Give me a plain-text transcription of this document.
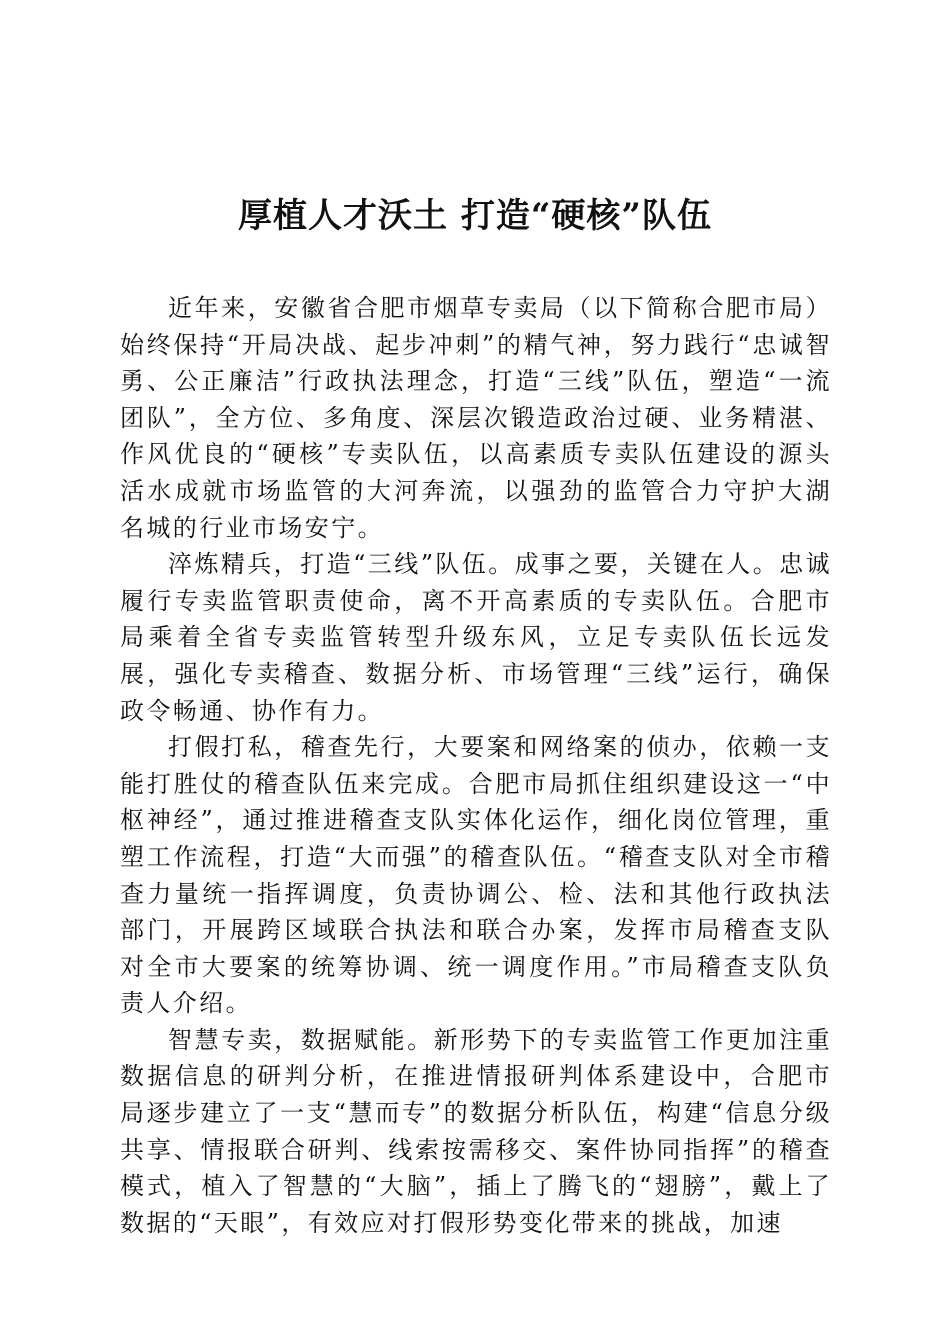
厚植人才沃土 打造“硬核”队伍

近年来，安徽省合肥市烟草专卖局（以下简称合肥市局）始终保持“开局决战、起步冲刺”的精气神，努力践行“忠诚智勇、公正廉洁”行政执法理念，打造“三线”队伍，塑造“一流团队”，全方位、多角度、深层次锻造政治过硬、业务精湛、作风优良的“硬核”专卖队伍，以高素质专卖队伍建设的源头活水成就市场监管的大河奔流，以强劲的监管合力守护大湖名城的行业市场安宁。

淬炼精兵，打造“三线”队伍。成事之要，关键在人。忠诚履行专卖监管职责使命，离不开高素质的专卖队伍。合肥市局乘着全省专卖监管转型升级东风，立足专卖队伍长远发展，强化专卖稽查、数据分析、市场管理“三线”运行，确保政令畅通、协作有力。

打假打私，稽查先行，大要案和网络案的侦办，依赖一支能打胜仗的稽查队伍来完成。合肥市局抓住组织建设这一“中枢神经”，通过推进稽查支队实体化运作，细化岗位管理，重塑工作流程，打造“大而强”的稽查队伍。“稽查支队对全市稽查力量统一指挥调度，负责协调公、检、法和其他行政执法部门，开展跨区域联合执法和联合办案，发挥市局稽查支队对全市大要案的统筹协调、统一调度作用。”市局稽查支队负责人介绍。

智慧专卖，数据赋能。新形势下的专卖监管工作更加注重数据信息的研判分析，在推进情报研判体系建设中，合肥市局逐步建立了一支“慧而专”的数据分析队伍，构建“信息分级共享、情报联合研判、线索按需移交、案件协同指挥”的稽查模式，植入了智慧的“大脑”，插上了腾飞的“翅膀”，戴上了数据的“天眼”，有效应对打假形势变化带来的挑战，加速
